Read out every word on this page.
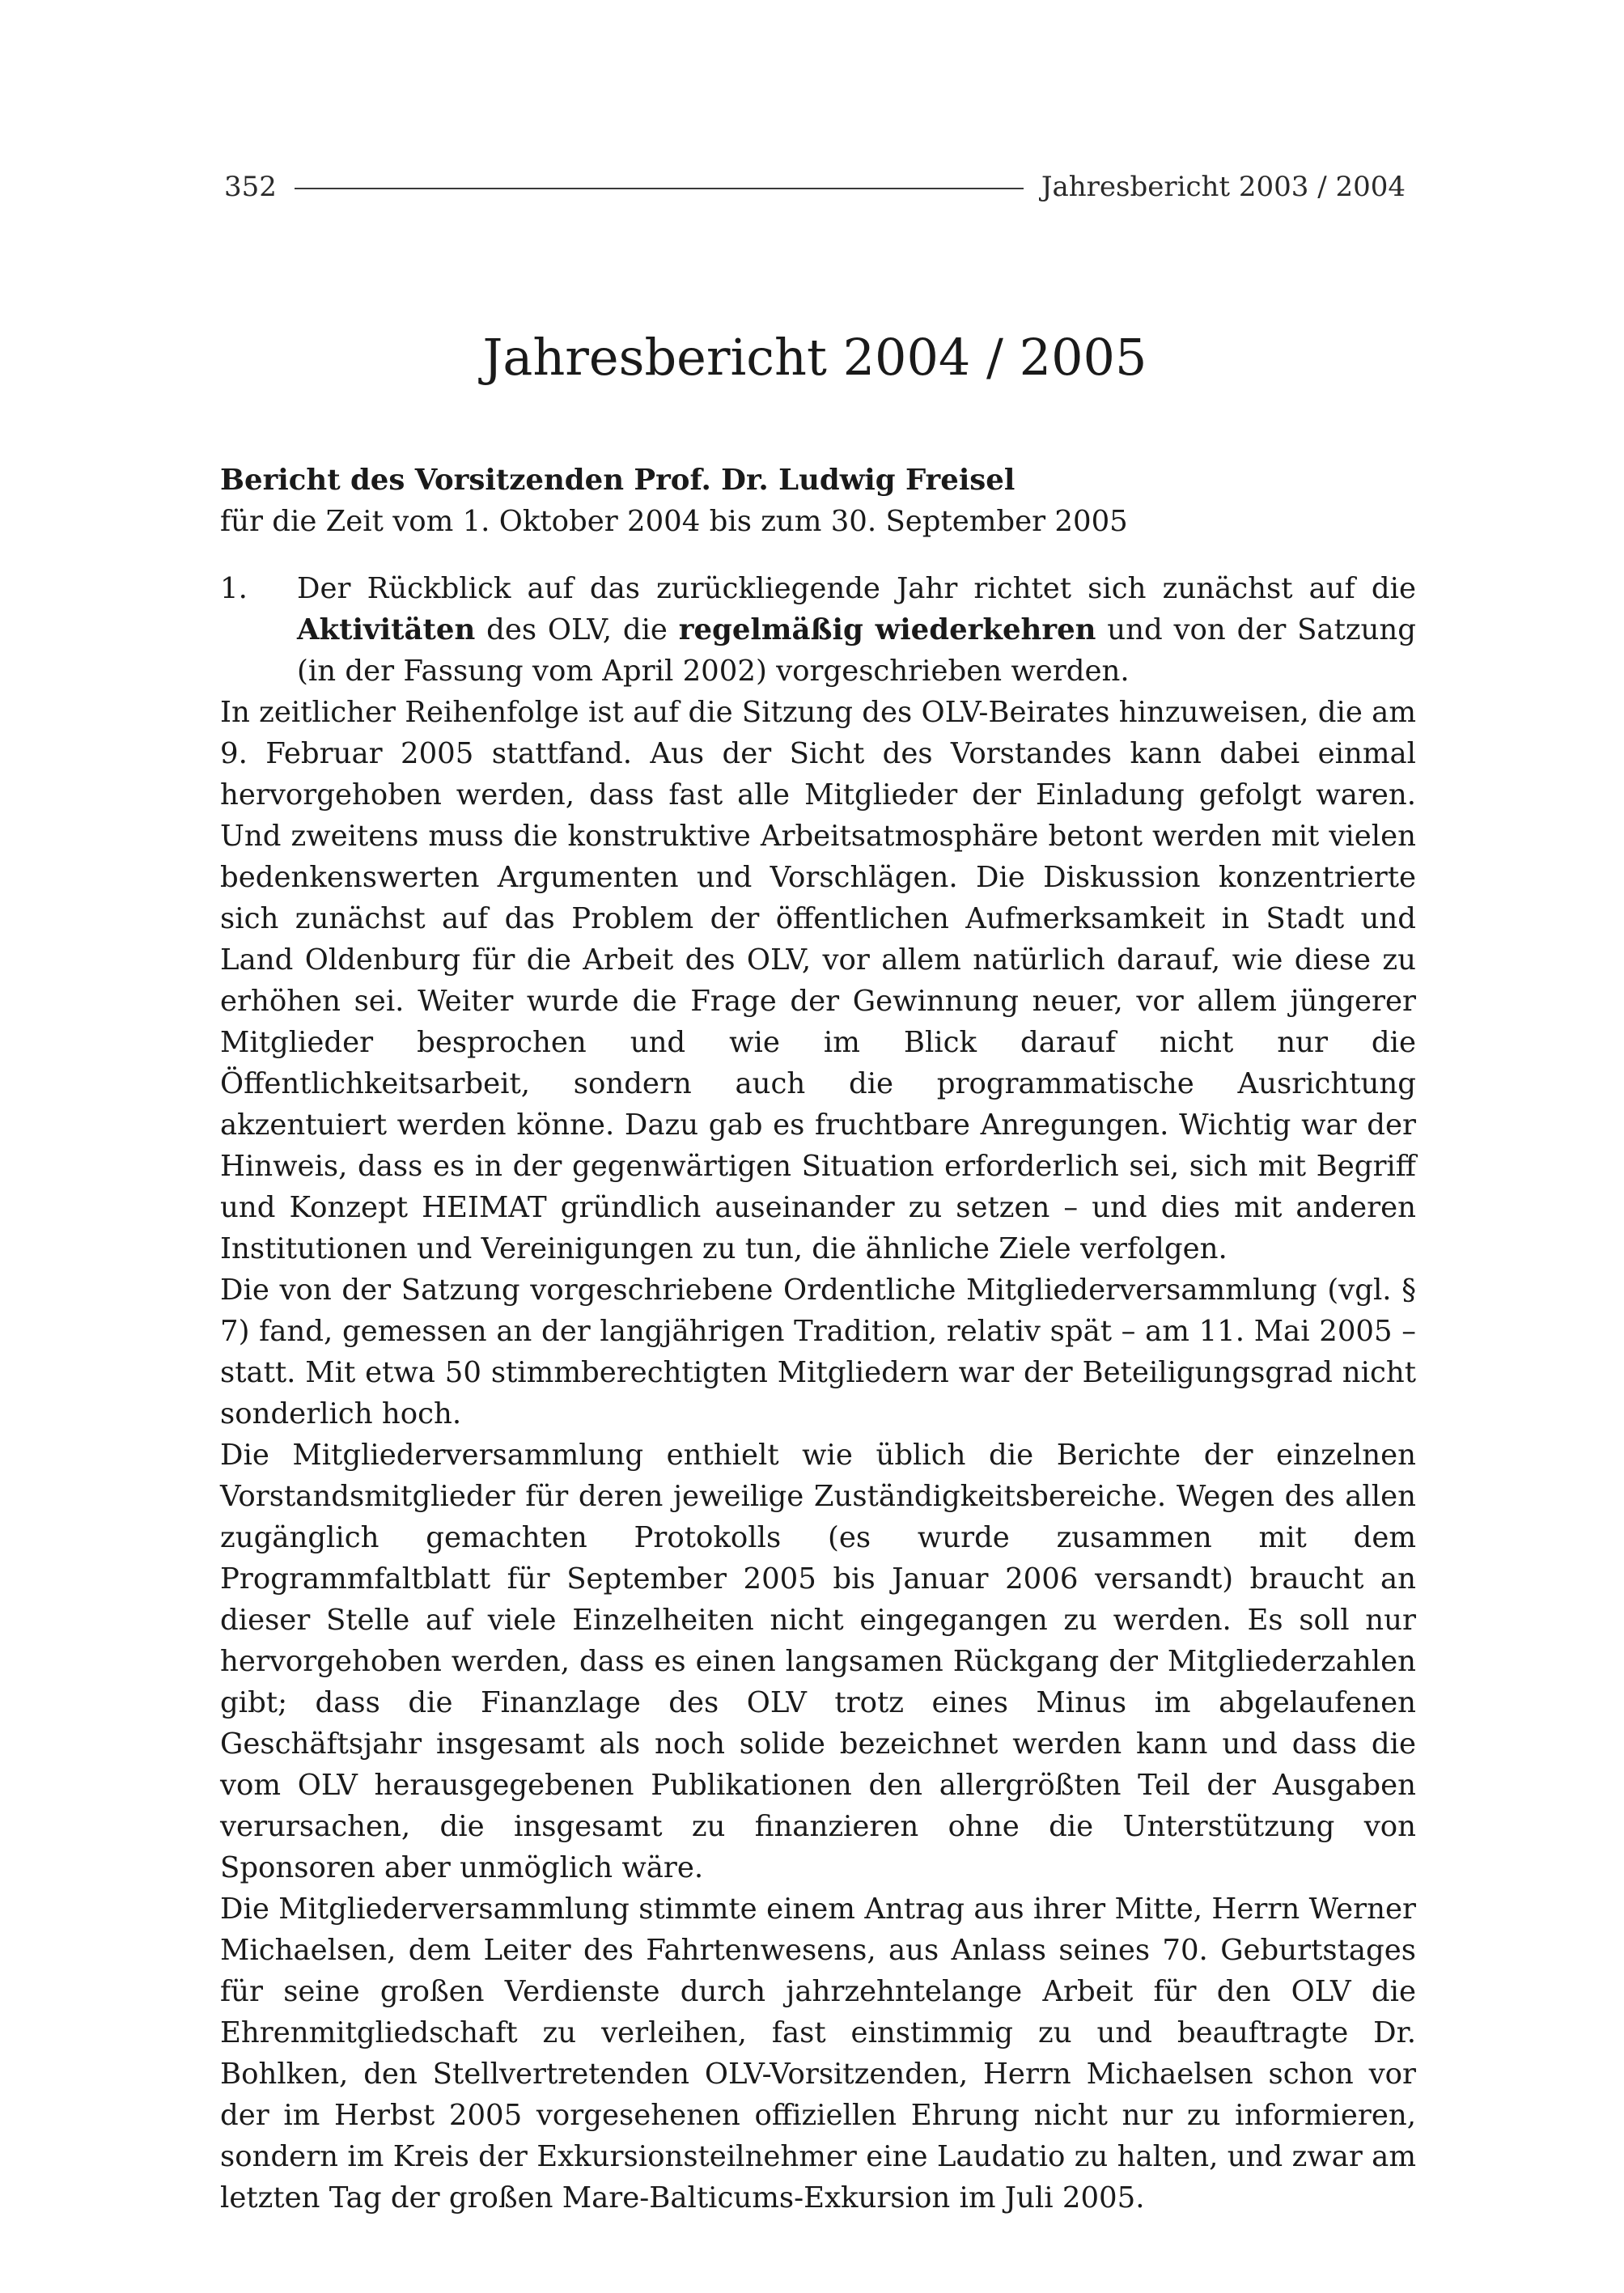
352	Jahresbericht 2003 / 2004
Jahresbericht 2004 / 2005

Bericht des Vorsitzenden Prof. Dr. Ludwig Freisel

für die Zeit vom 1. Oktober 2004 bis zum 30. September 2005

1.	Der Rückblick auf das zurückliegende Jahr richtet sich zunächst auf die Aktivitäten des OLV, die regelmäßig wiederkehren und von der Satzung (in der Fassung vom April 2002) vorgeschrieben werden.

In zeitlicher Reihenfolge ist auf die Sitzung des OLV-Beirates hinzuweisen, die am 9. Februar 2005 stattfand. Aus der Sicht des Vorstandes kann dabei einmal hervorgehoben werden, dass fast alle Mitglieder der Einladung gefolgt waren. Und zweitens muss die konstruktive Arbeitsatmosphäre betont werden mit vielen bedenkenswerten Argumenten und Vorschlägen. Die Diskussion konzentrierte sich zunächst auf das Problem der öffentlichen Aufmerksamkeit in Stadt und Land Oldenburg für die Arbeit des OLV, vor allem natürlich darauf, wie diese zu erhöhen sei. Weiter wurde die Frage der Gewinnung neuer, vor allem jüngerer Mitglieder besprochen und wie im Blick darauf nicht nur die Öffentlichkeitsarbeit, sondern auch die programmatische Ausrichtung akzentuiert werden könne. Dazu gab es fruchtbare Anregungen. Wichtig war der Hinweis, dass es in der gegenwärtigen Situation erforderlich sei, sich mit Begriff und Konzept HEIMAT gründlich auseinander zu setzen – und dies mit anderen Institutionen und Vereinigungen zu tun, die ähnliche Ziele verfolgen.

Die von der Satzung vorgeschriebene Ordentliche Mitgliederversammlung (vgl. § 7) fand, gemessen an der langjährigen Tradition, relativ spät – am 11. Mai 2005 – statt. Mit etwa 50 stimmberechtigten Mitgliedern war der Beteiligungsgrad nicht sonderlich hoch.

Die Mitgliederversammlung enthielt wie üblich die Berichte der einzelnen Vorstandsmitglieder für deren jeweilige Zuständigkeitsbereiche. Wegen des allen zugänglich gemachten Protokolls (es wurde zusammen mit dem Programmfaltblatt für September 2005 bis Januar 2006 versandt) braucht an dieser Stelle auf viele Einzelheiten nicht eingegangen zu werden. Es soll nur hervorgehoben werden, dass es einen langsamen Rückgang der Mitgliederzahlen gibt; dass die Finanzlage des OLV trotz eines Minus im abgelaufenen Geschäftsjahr insgesamt als noch solide bezeichnet werden kann und dass die vom OLV herausgegebenen Publikationen den allergrößten Teil der Ausgaben verursachen, die insgesamt zu finanzieren ohne die Unterstützung von Sponsoren aber unmöglich wäre.

Die Mitgliederversammlung stimmte einem Antrag aus ihrer Mitte, Herrn Werner Michaelsen, dem Leiter des Fahrtenwesens, aus Anlass seines 70. Geburtstages für seine großen Verdienste durch jahrzehntelange Arbeit für den OLV die Ehrenmitgliedschaft zu verleihen, fast einstimmig zu und beauftragte Dr. Bohlken, den Stellvertretenden OLV-Vorsitzenden, Herrn Michaelsen schon vor der im Herbst 2005 vorgesehenen offiziellen Ehrung nicht nur zu informieren, sondern im Kreis der Exkursionsteilnehmer eine Laudatio zu halten, und zwar am letzten Tag der großen Mare-Balticums-Exkursion im Juli 2005.
